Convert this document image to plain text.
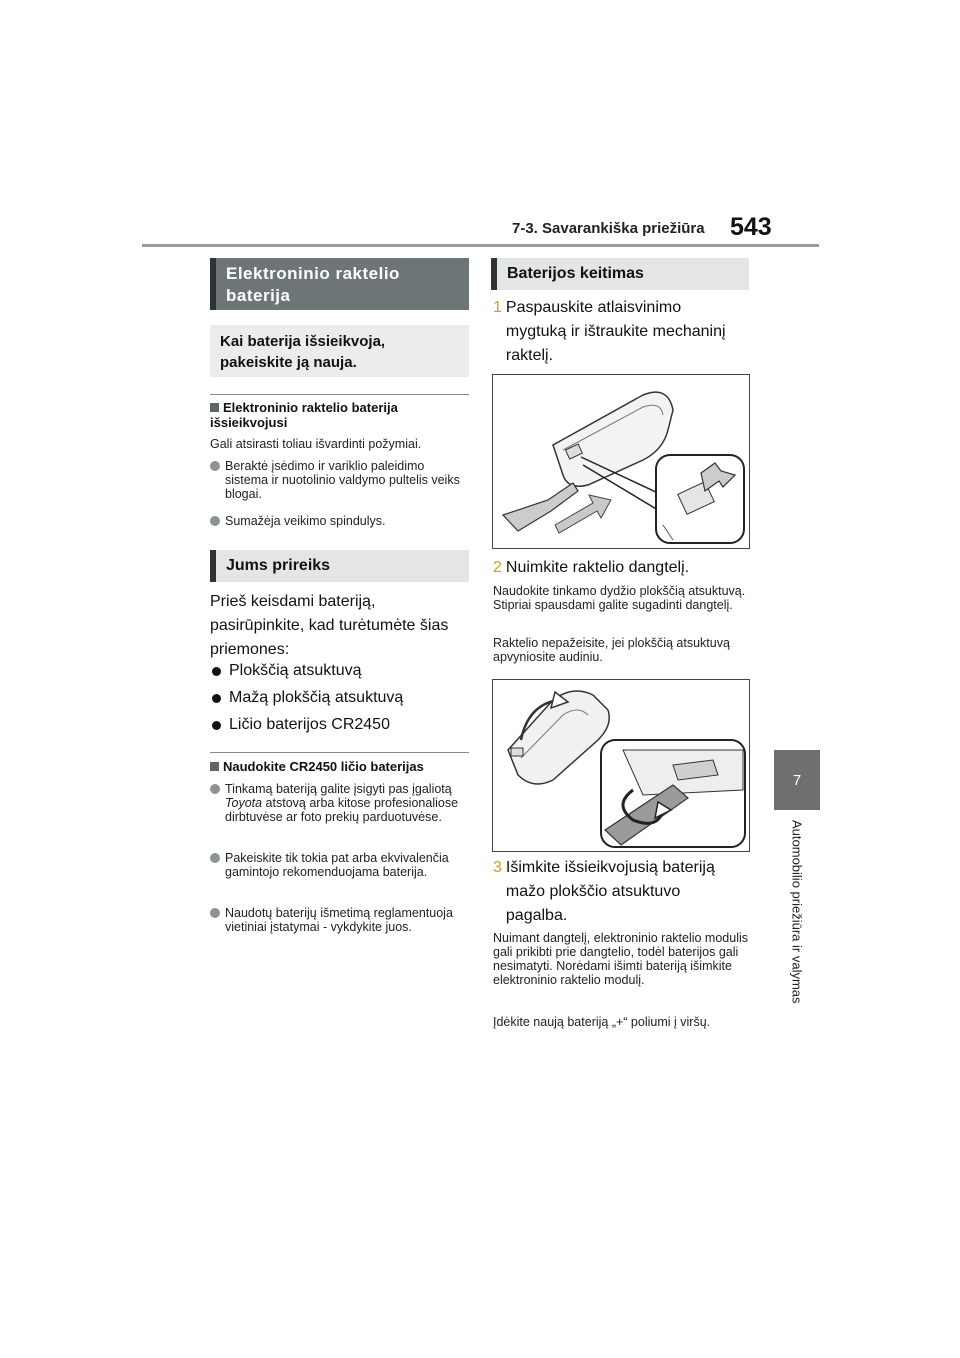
7-3. Savarankiška priežiūra 543
7
Automobilio priežiūra ir valymas
Elektroninio raktelio baterija
Kai baterija išsieikvoja, pakeiskite ją nauja.
Elektroninio raktelio baterija išsieikvojusi
Gali atsirasti toliau išvardinti požymiai.
Beraktė įsėdimo ir variklio paleidimo sistema ir nuotolinio valdymo pultelis veiks blogai.
Sumažėja veikimo spindulys.
Jums prireiks
Prieš keisdami bateriją, pasirūpinkite, kad turėtumėte šias priemones:
Plokščią atsuktuvą
Mažą plokščią atsuktuvą
Ličio baterijos CR2450
Naudokite CR2450 ličio baterijas
Tinkamą bateriją galite įsigyti pas įgaliotą Toyota atstovą arba kitose profesionaliose dirbtuvėse ar foto prekių parduotuvėse.
Pakeiskite tik tokia pat arba ekvivalenčia gamintojo rekomenduojama baterija.
Naudotų baterijų išmetimą reglamentuoja vietiniai įstatymai - vykdykite juos.
Baterijos keitimas
1 Paspauskite atlaisvinimo mygtuką ir ištraukite mechaninį raktelį.
2 Nuimkite raktelio dangtelį.
Naudokite tinkamo dydžio plokščią atsuktuvą. Stipriai spausdami galite sugadinti dangtelį.
Raktelio nepažeisite, jei plokščią atsuktuvą apvyniosite audiniu.
3 Išimkite išsieikvojusią bateriją mažo plokščio atsuktuvo pagalba.
Nuimant dangtelį, elektroninio raktelio modulis gali prikibti prie dangtelio, todėl baterijos gali nesimatyti. Norėdami išimti bateriją išimkite elektroninio raktelio modulį.
Įdėkite naują bateriją „+“ poliumi į viršų.
